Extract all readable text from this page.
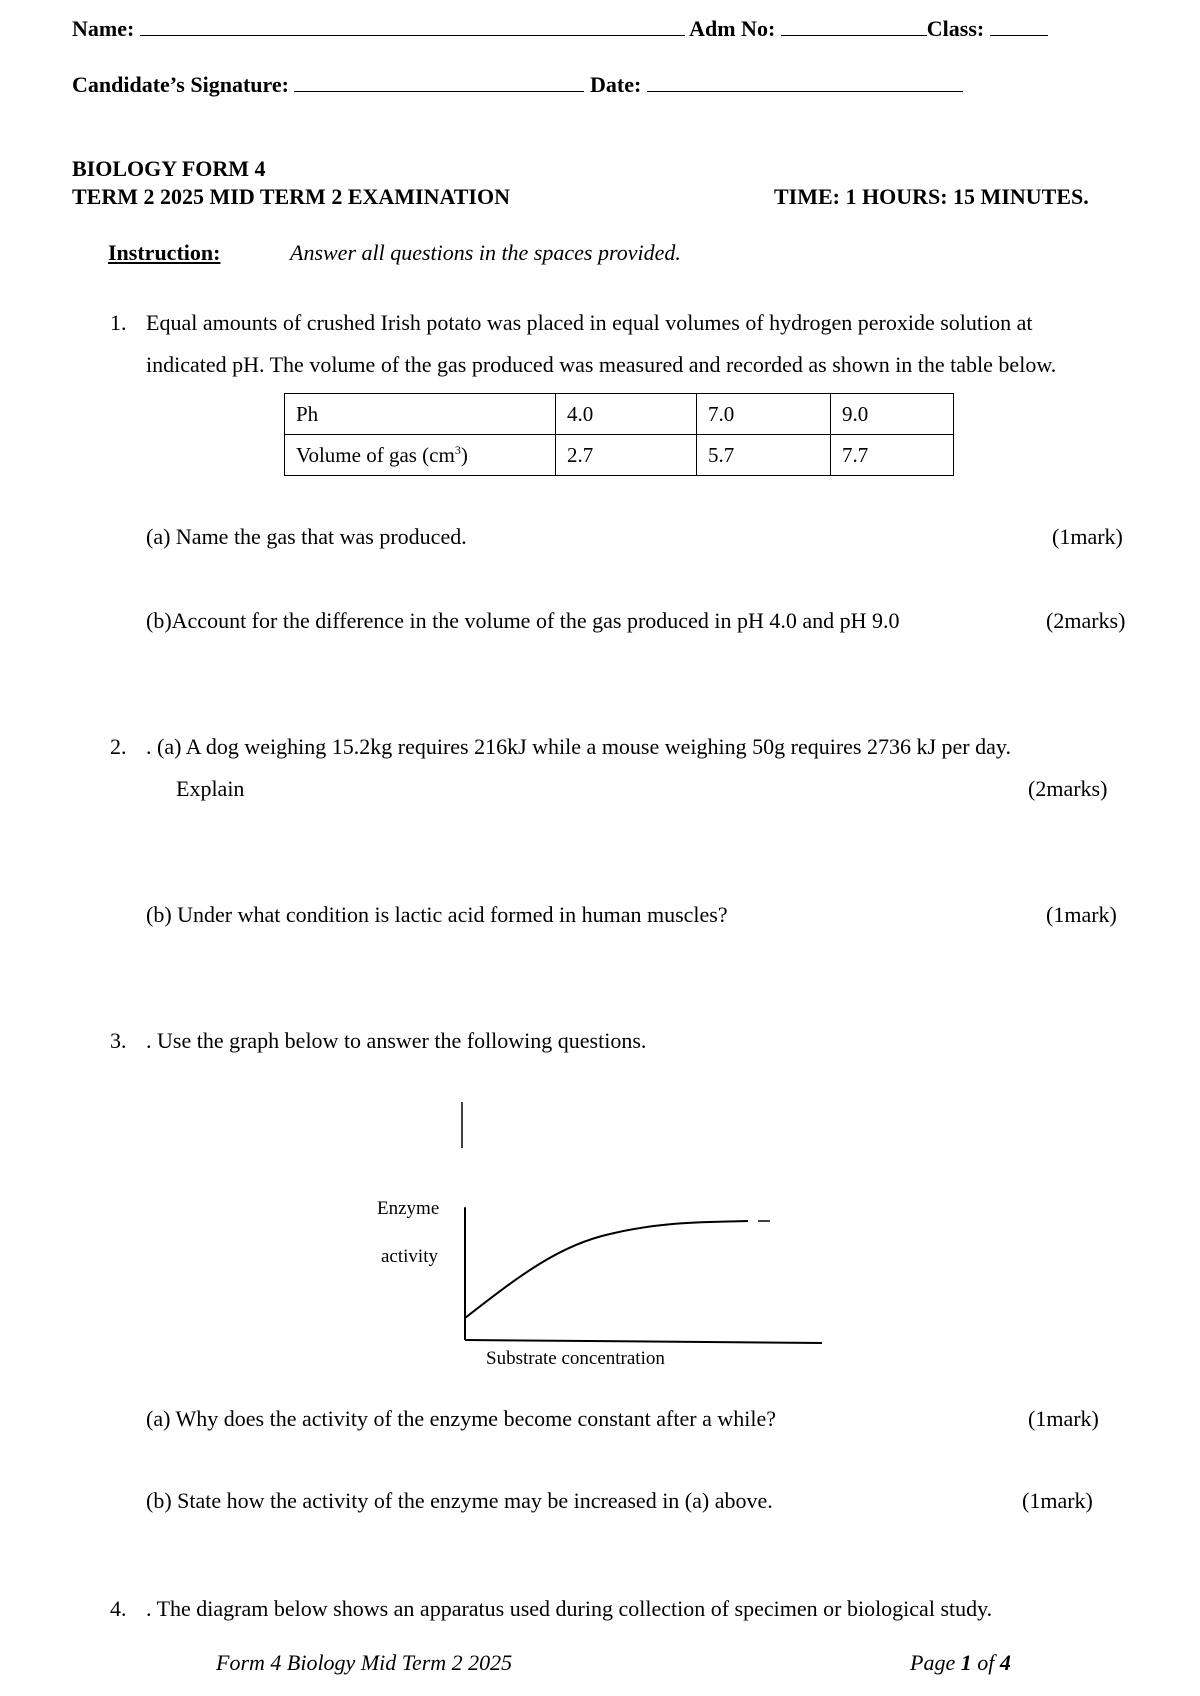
Name:	Adm No:	Class:
Candidate’s Signature:	Date:
BIOLOGY FORM 4
TERM 2 2025 MID TERM 2 EXAMINATION	TIME: 1 HOURS: 15 MINUTES.
Instruction:	Answer all questions in the spaces provided.
1. Equal amounts of crushed Irish potato was placed in equal volumes of hydrogen peroxide solution at
indicated pH. The volume of the gas produced was measured and recorded as shown in the table below.
Ph	4.0	7.0	9.0
Volume of gas $(cm^3)$	2.7	5.7	7.7
(a) Name the gas that was produced.	(1mark)
(b)Account for the difference in the volume of the gas produced in pH 4.0 and pH 9.0	(2marks)
2. . (a) A dog weighing 15.2kg requires 216kJ while a mouse weighing 50g requires 2736 kJ per day.
Explain	(2marks)
(b) Under what condition is lactic acid formed in human muscles?	(1mark)
3. . Use the graph below to answer the following questions.
Enzyme
activity
Substrate concentration
(a) Why does the activity of the enzyme become constant after a while?	(1mark)
(b) State how the activity of the enzyme may be increased in (a) above.	(1mark)
4. . The diagram below shows an apparatus used during collection of specimen or biological study.
Form 4 Biology Mid Term 2 2025	Page 1 of 4
